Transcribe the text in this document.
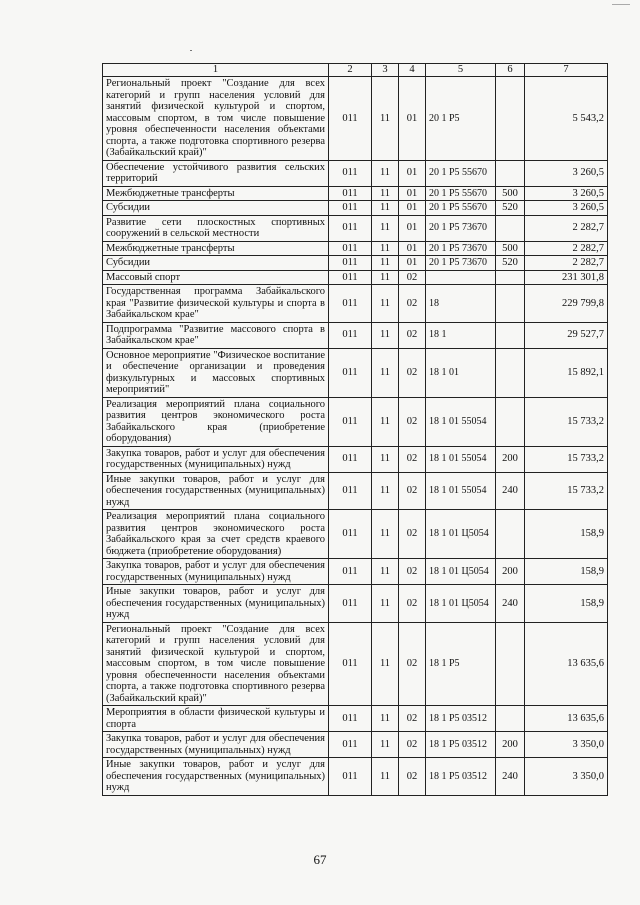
1	2	3	4	5	6	7
Региональный проект "Создание для всех категорий и групп населения условий для занятий физической культурой и спортом, массовым спортом, в том числе повышение уровня обеспеченности населения объектами спорта, а также подготовка спортивного резерва (Забайкальский край)"	011	11	01	20 1 Р5		5 543,2
Обеспечение устойчивого развития сельских территорий	011	11	01	20 1 Р5 55670		3 260,5
Межбюджетные трансферты	011	11	01	20 1 Р5 55670	500	3 260,5
Субсидии	011	11	01	20 1 Р5 55670	520	3 260,5
Развитие сети плоскостных спортивных сооружений в сельской местности	011	11	01	20 1 Р5 73670		2 282,7
Межбюджетные трансферты	011	11	01	20 1 Р5 73670	500	2 282,7
Субсидии	011	11	01	20 1 Р5 73670	520	2 282,7
Массовый спорт	011	11	02			231 301,8
Государственная программа Забайкальского края "Развитие физической культуры и спорта в Забайкальском крае"	011	11	02	18		229 799,8
Подпрограмма "Развитие массового спорта в Забайкальском крае"	011	11	02	18 1		29 527,7
Основное мероприятие "Физическое воспитание и обеспечение организации и проведения физкультурных и массовых спортивных мероприятий"	011	11	02	18 1 01		15 892,1
Реализация мероприятий плана социального развития центров экономического роста Забайкальского края (приобретение оборудования)	011	11	02	18 1 01 55054		15 733,2
Закупка товаров, работ и услуг для обеспечения государственных (муниципальных) нужд	011	11	02	18 1 01 55054	200	15 733,2
Иные закупки товаров, работ и услуг для обеспечения государственных (муниципальных) нужд	011	11	02	18 1 01 55054	240	15 733,2
Реализация мероприятий плана социального развития центров экономического роста Забайкальского края за счет средств краевого бюджета (приобретение оборудования)	011	11	02	18 1 01 Ц5054		158,9
Закупка товаров, работ и услуг для обеспечения государственных (муниципальных) нужд	011	11	02	18 1 01 Ц5054	200	158,9
Иные закупки товаров, работ и услуг для обеспечения государственных (муниципальных) нужд	011	11	02	18 1 01 Ц5054	240	158,9
Региональный проект "Создание для всех категорий и групп населения условий для занятий физической культурой и спортом, массовым спортом, в том числе повышение уровня обеспеченности населения объектами спорта, а также подготовка спортивного резерва (Забайкальский край)"	011	11	02	18 1 Р5		13 635,6
Мероприятия в области физической культуры и спорта	011	11	02	18 1 Р5 03512		13 635,6
Закупка товаров, работ и услуг для обеспечения государственных (муниципальных) нужд	011	11	02	18 1 Р5 03512	200	3 350,0
Иные закупки товаров, работ и услуг для обеспечения государственных (муниципальных) нужд	011	11	02	18 1 Р5 03512	240	3 350,0
67
